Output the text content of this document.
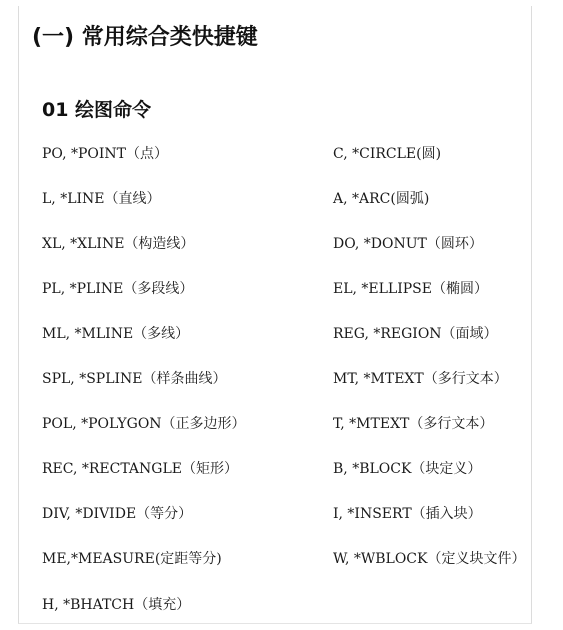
(一) 常用综合类快捷键
01 绘图命令
PO, *POINT（点）
L, *LINE（直线）
XL, *XLINE（构造线）
PL, *PLINE（多段线）
ML, *MLINE（多线）
SPL, *SPLINE（样条曲线）
POL, *POLYGON（正多边形）
REC, *RECTANGLE（矩形）
DIV, *DIVIDE（等分）
ME,*MEASURE(定距等分)
H, *BHATCH（填充）
C, *CIRCLE(圆)
A, *ARC(圆弧)
DO, *DONUT（圆环）
EL, *ELLIPSE（椭圆）
REG, *REGION（面域）
MT, *MTEXT（多行文本）
T, *MTEXT（多行文本）
B, *BLOCK（块定义）
I, *INSERT（插入块）
W, *WBLOCK（定义块文件）
